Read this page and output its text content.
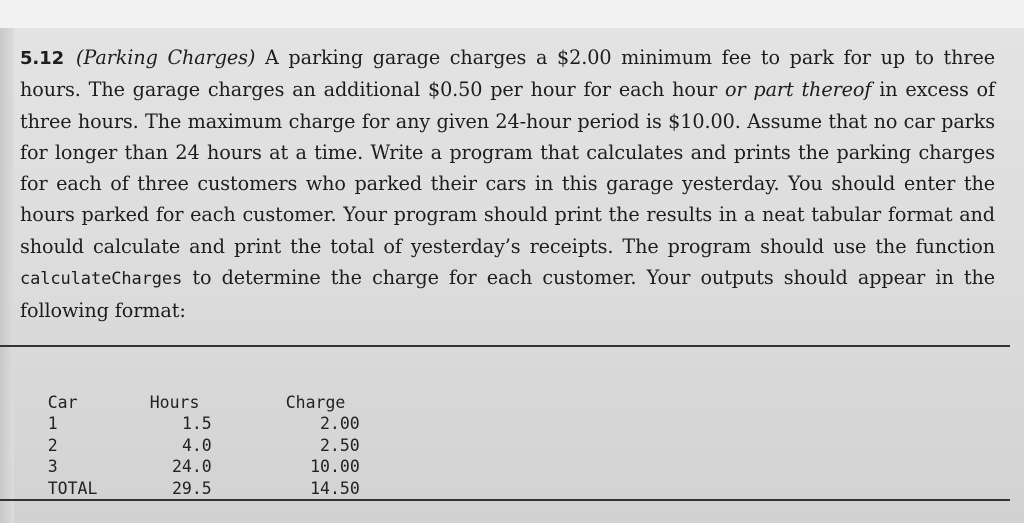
5.12 (Parking Charges) A parking garage charges a $2.00 minimum fee to park for up to three hours. The garage charges an additional $0.50 per hour for each hour or part thereof in excess of three hours. The maximum charge for any given 24-hour period is $10.00. Assume that no car parks for longer than 24 hours at a time. Write a program that calculates and prints the parking charges for each of three customers who parked their cars in this garage yesterday. You should enter the hours parked for each customer. Your program should print the results in a neat tabular format and should calculate and print the total of yesterday’s receipts. The program should use the function calculateCharges to determine the charge for each customer. Your outputs should appear in the following format:

Car	Hours	Charge

1	1.5	2.00

2	4.0	2.50

3	24.0	10.00

TOTAL	29.5	14.50
